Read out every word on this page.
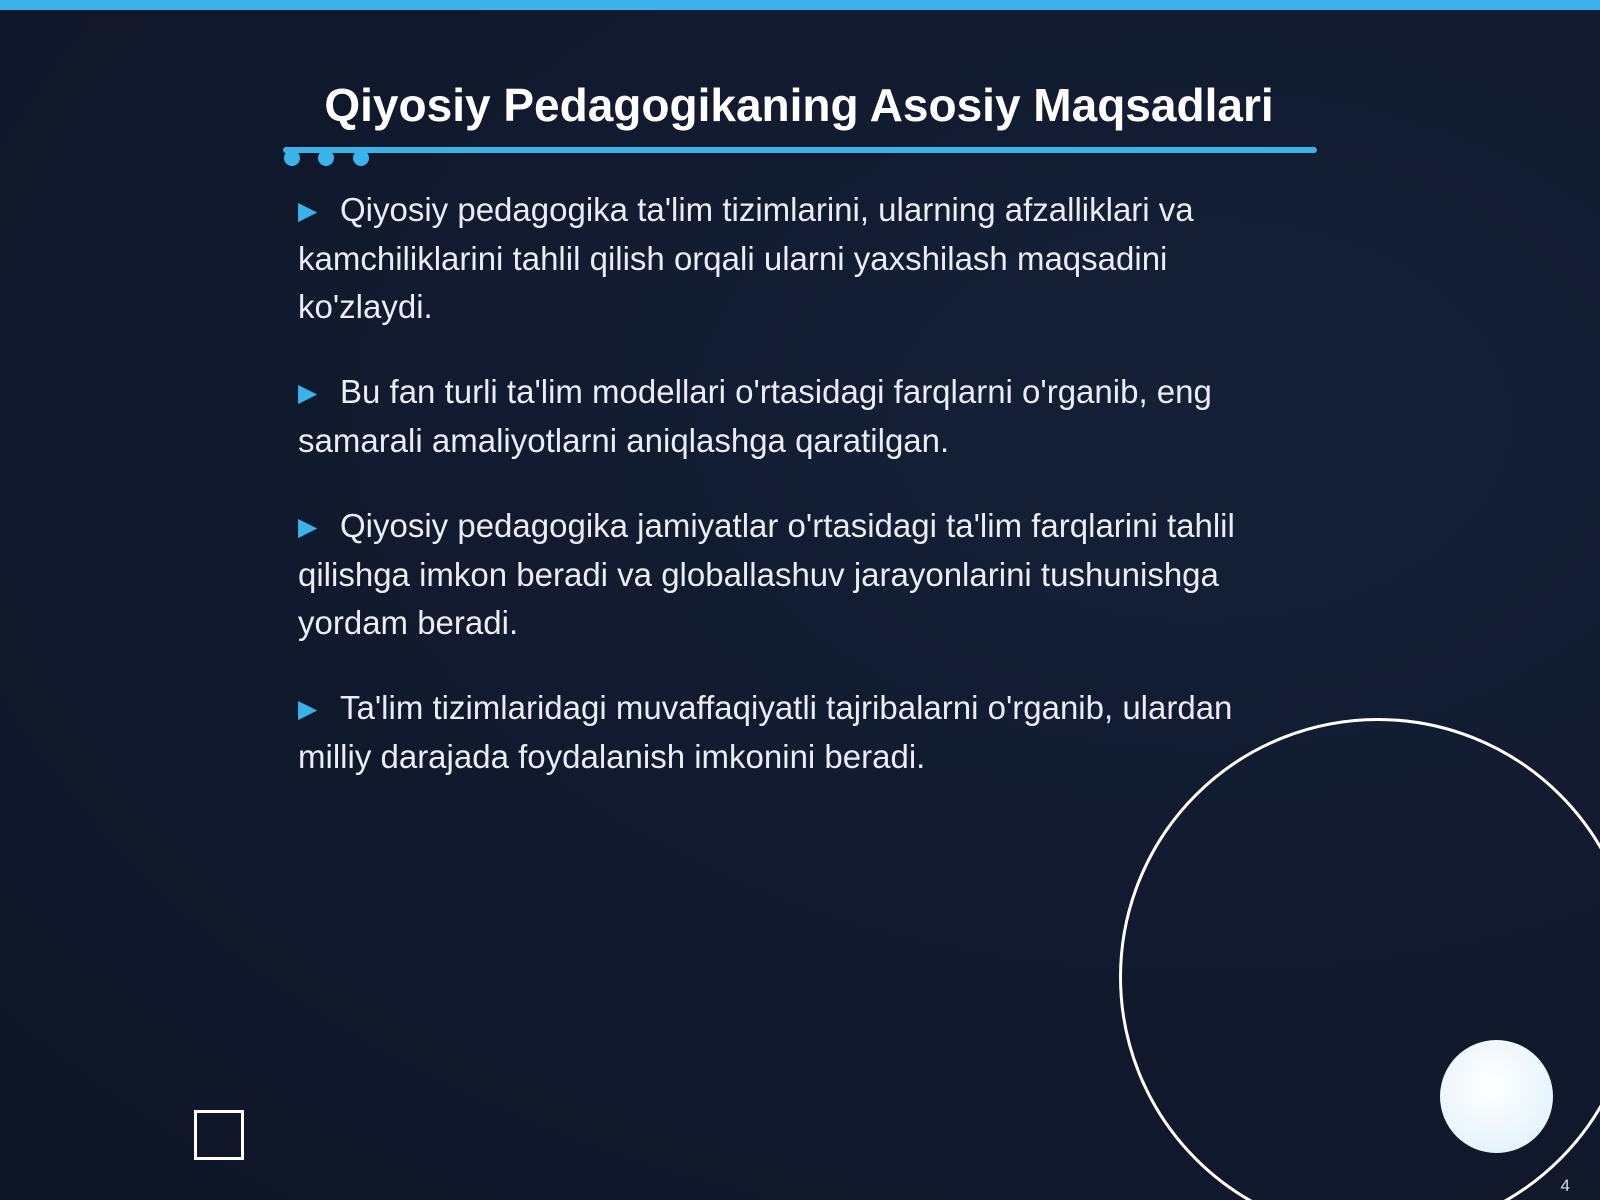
Qiyosiy Pedagogikaning Asosiy Maqsadlari
▶ Qiyosiy pedagogika ta'lim tizimlarini, ularning afzalliklari va kamchiliklarini tahlil qilish orqali ularni yaxshilash maqsadini ko'zlaydi.
▶ Bu fan turli ta'lim modellari o'rtasidagi farqlarni o'rganib, eng samarali amaliyotlarni aniqlashga qaratilgan.
▶ Qiyosiy pedagogika jamiyatlar o'rtasidagi ta'lim farqlarini tahlil qilishga imkon beradi va globallashuv jarayonlarini tushunishga yordam beradi.
▶ Ta'lim tizimlaridagi muvaffaqiyatli tajribalarni o'rganib, ulardan milliy darajada foydalanish imkonini beradi.
4
